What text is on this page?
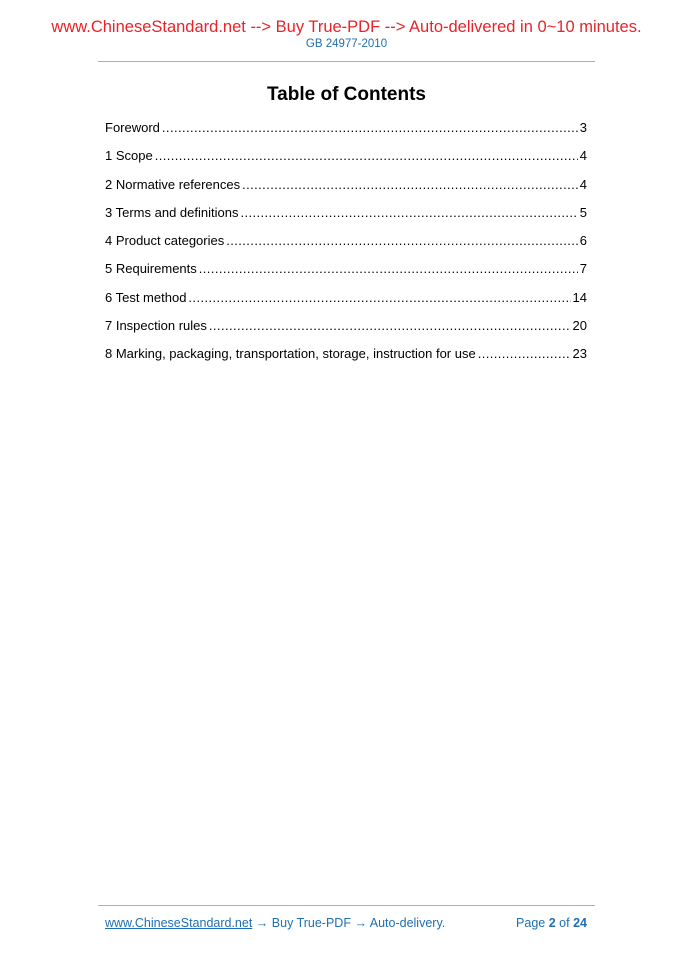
www.ChineseStandard.net --> Buy True-PDF --> Auto-delivered in 0~10 minutes.
GB 24977-2010
Table of Contents
Foreword .....	3
1 Scope .....	4
2 Normative references .....	4
3 Terms and definitions .....	5
4 Product categories .....	6
5 Requirements .....	7
6 Test method .....	14
7 Inspection rules .....	20
8 Marking, packaging, transportation, storage, instruction for use .....	23
www.ChineseStandard.net → Buy True-PDF → Auto-delivery.	Page 2 of 24
